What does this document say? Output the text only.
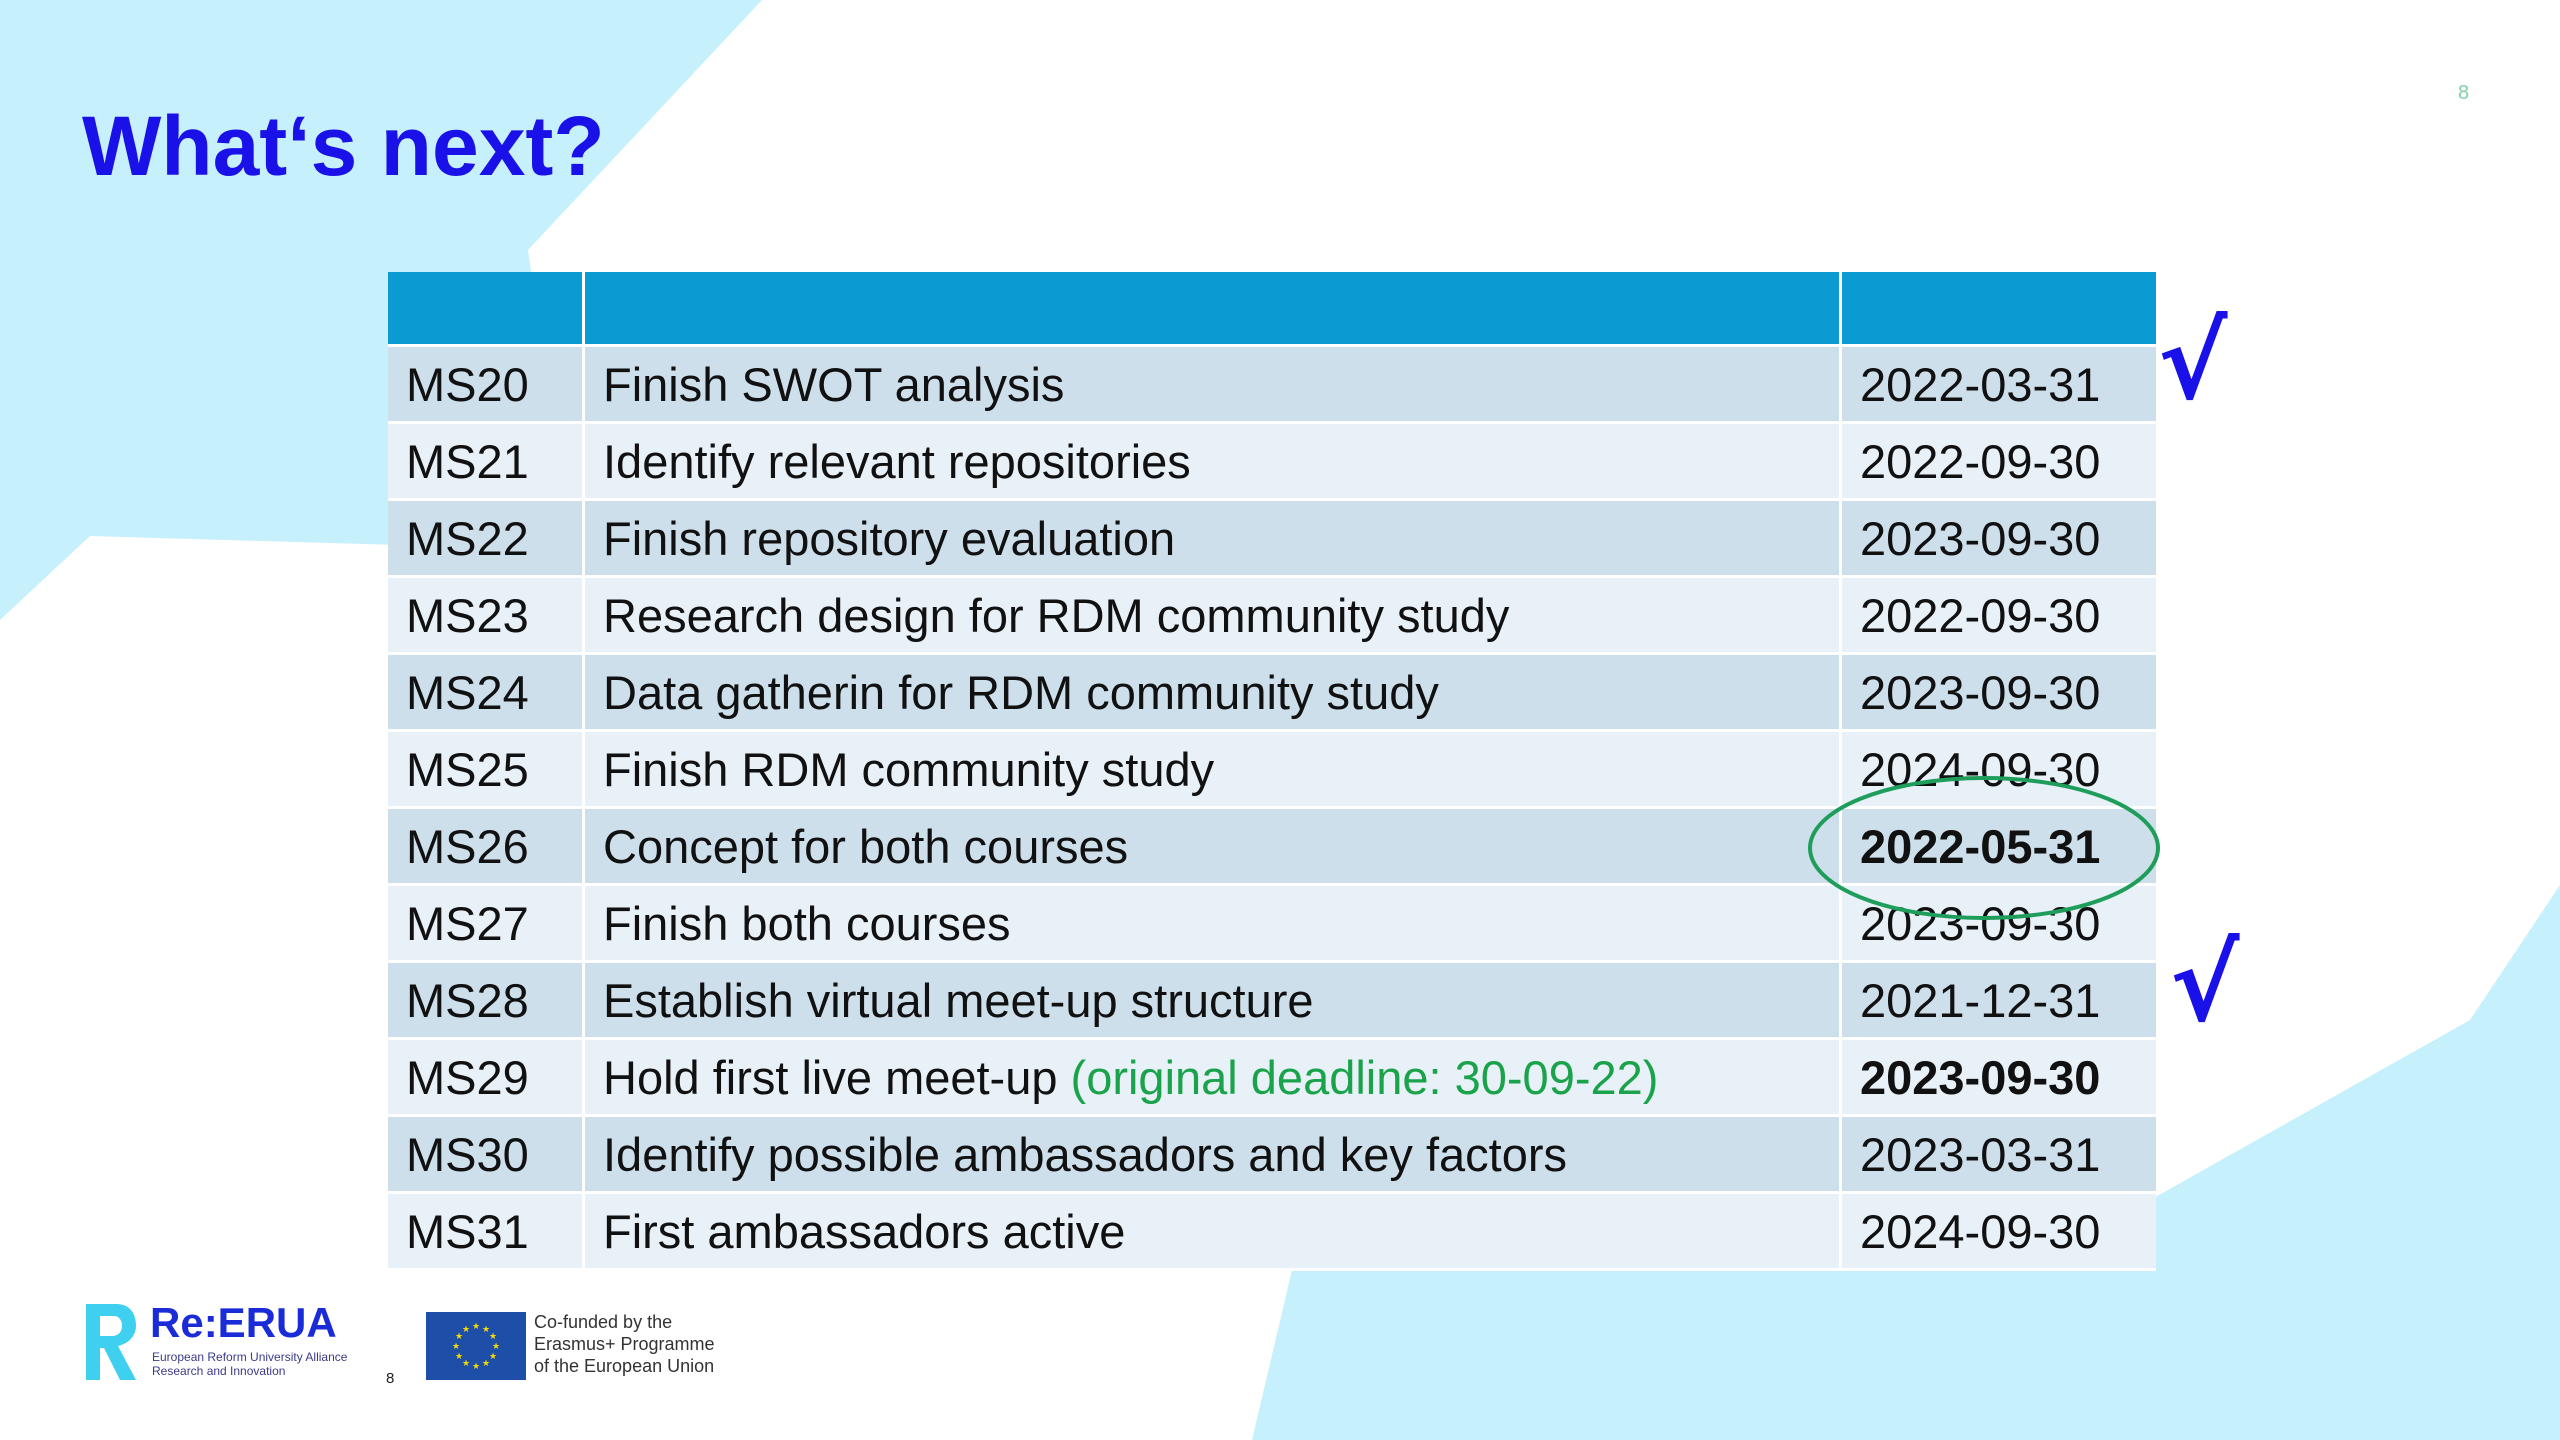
What‘s next?
8

MS20	Finish SWOT analysis	2022-03-31
MS21	Identify relevant repositories	2022-09-30
MS22	Finish repository evaluation	2023-09-30
MS23	Research design for RDM community study	2022-09-30
MS24	Data gatherin for RDM community study	2023-09-30
MS25	Finish RDM community study	2024-09-30
MS26	Concept for both courses	2022-05-31
MS27	Finish both courses	2023-09-30
MS28	Establish virtual meet-up structure	2021-12-31
MS29	Hold first live meet-up (original deadline: 30-09-22)	2023-09-30
MS30	Identify possible ambassadors and key factors	2023-03-31
MS31	First ambassadors active	2024-09-30
√
√
Re:ERUA
European Reform University Alliance
Research and Innovation	8
★ ★
★
★
★
★
★
★
★
★
★
★	Co-funded by the
Erasmus+ Programme
of the European Union
